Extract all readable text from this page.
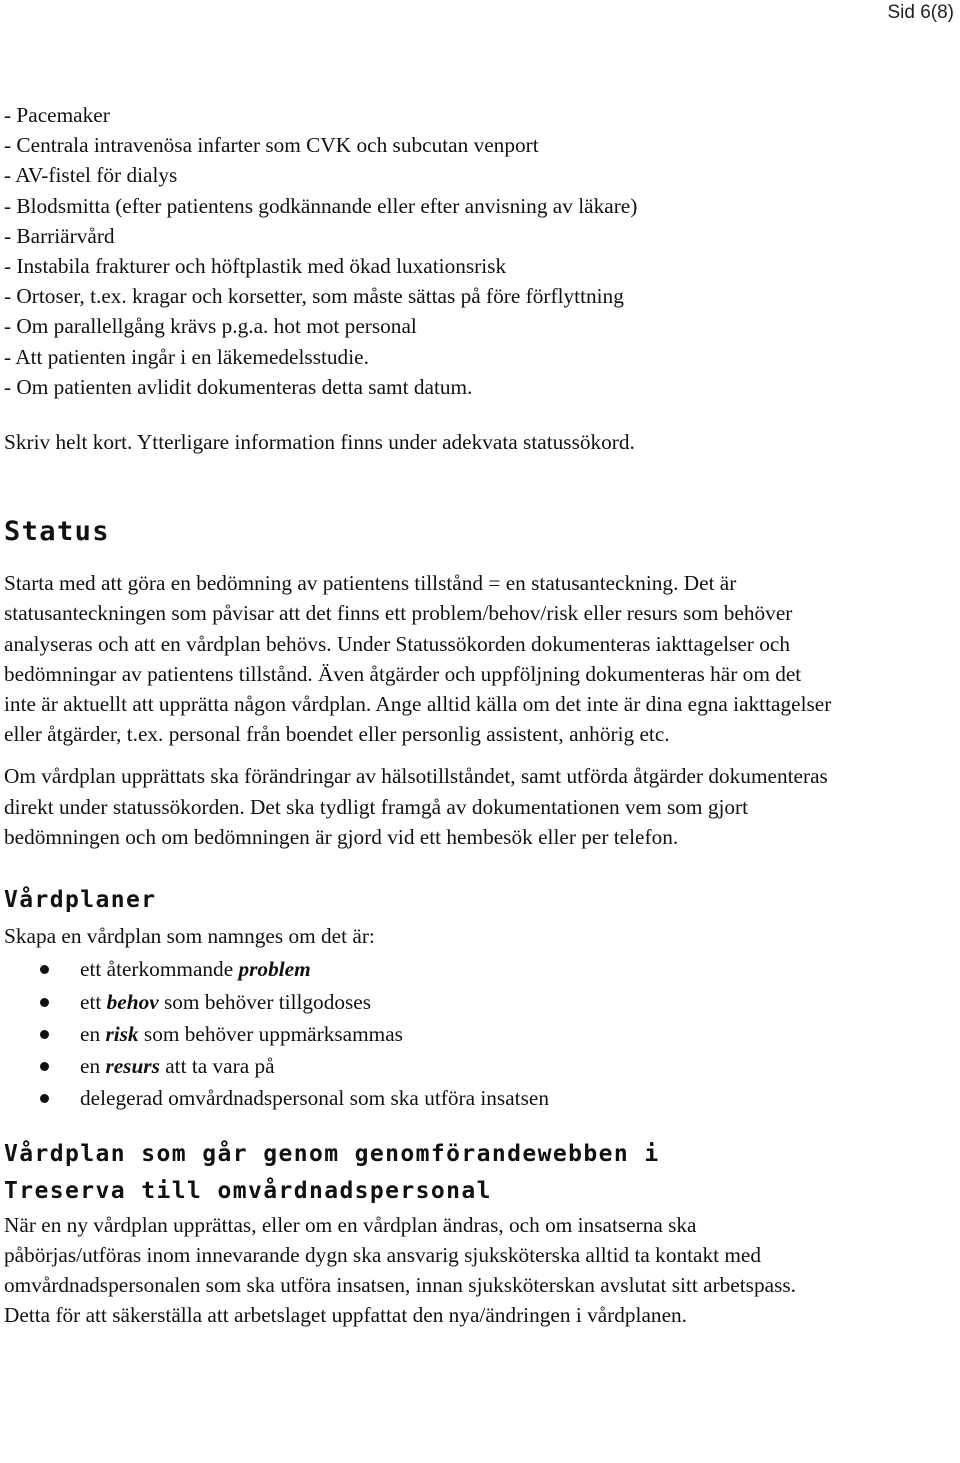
Sid 6(8)
- Pacemaker
- Centrala intravenösa infarter som CVK och subcutan venport
- AV-fistel för dialys
- Blodsmitta (efter patientens godkännande eller efter anvisning av läkare)
- Barriärvård
- Instabila frakturer och höftplastik med ökad luxationsrisk
- Ortoser, t.ex. kragar och korsetter, som måste sättas på före förflyttning
- Om parallellgång krävs p.g.a. hot mot personal
- Att patienten ingår i en läkemedelsstudie.
- Om patienten avlidit dokumenteras detta samt datum.

Skriv helt kort. Ytterligare information finns under adekvata statussökord.

Status

Starta med att göra en bedömning av patientens tillstånd = en statusanteckning. Det är statusanteckningen som påvisar att det finns ett problem/behov/risk eller resurs som behöver analyseras och att en vårdplan behövs. Under Statussökorden dokumenteras iakttagelser och bedömningar av patientens tillstånd. Även åtgärder och uppföljning dokumenteras här om det inte är aktuellt att upprätta någon vårdplan. Ange alltid källa om det inte är dina egna iakttagelser eller åtgärder, t.ex. personal från boendet eller personlig assistent, anhörig etc.

Om vårdplan upprättats ska förändringar av hälsotillståndet, samt utförda åtgärder dokumenteras direkt under statussökorden. Det ska tydligt framgå av dokumentationen vem som gjort bedömningen och om bedömningen är gjord vid ett hembesök eller per telefon.

Vårdplaner

Skapa en vårdplan som namnges om det är:

ett återkommande problem
ett behov som behöver tillgodoses
en risk som behöver uppmärksammas
en resurs att ta vara på
delegerad omvårdnadspersonal som ska utföra insatsen
Vårdplan som går genom genomförandewebben i
Treserva till omvårdnadspersonal

När en ny vårdplan upprättas, eller om en vårdplan ändras, och om insatserna ska påbörjas/utföras inom innevarande dygn ska ansvarig sjuksköterska alltid ta kontakt med omvårdnadspersonalen som ska utföra insatsen, innan sjuksköterskan avslutat sitt arbetspass. Detta för att säkerställa att arbetslaget uppfattat den nya/ändringen i vårdplanen.
